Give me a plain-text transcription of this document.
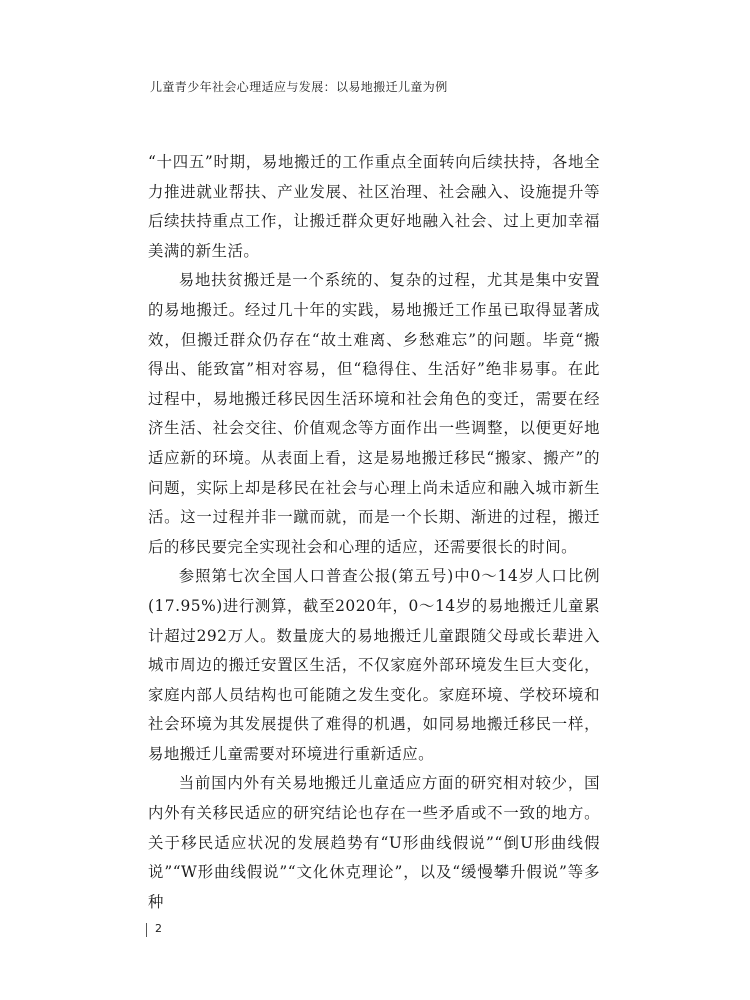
儿童青少年社会心理适应与发展：以易地搬迁儿童为例

“十四五”时期，易地搬迁的工作重点全面转向后续扶持，各地全力推进就业帮扶、产业发展、社区治理、社会融入、设施提升等后续扶持重点工作，让搬迁群众更好地融入社会、过上更加幸福美满的新生活。

易地扶贫搬迁是一个系统的、复杂的过程，尤其是集中安置的易地搬迁。经过几十年的实践，易地搬迁工作虽已取得显著成效，但搬迁群众仍存在“故土难离、乡愁难忘”的问题。毕竟“搬得出、能致富”相对容易，但“稳得住、生活好”绝非易事。在此过程中，易地搬迁移民因生活环境和社会角色的变迁，需要在经济生活、社会交往、价值观念等方面作出一些调整，以便更好地适应新的环境。从表面上看，这是易地搬迁移民“搬家、搬产”的问题，实际上却是移民在社会与心理上尚未适应和融入城市新生活。这一过程并非一蹴而就，而是一个长期、渐进的过程，搬迁后的移民要完全实现社会和心理的适应，还需要很长的时间。

参照第七次全国人口普查公报(第五号)中0～14岁人口比例(17.95%)进行测算，截至2020年，0～14岁的易地搬迁儿童累计超过292万人。数量庞大的易地搬迁儿童跟随父母或长辈进入城市周边的搬迁安置区生活，不仅家庭外部环境发生巨大变化，家庭内部人员结构也可能随之发生变化。家庭环境、学校环境和社会环境为其发展提供了难得的机遇，如同易地搬迁移民一样，易地搬迁儿童需要对环境进行重新适应。

当前国内外有关易地搬迁儿童适应方面的研究相对较少，国内外有关移民适应的研究结论也存在一些矛盾或不一致的地方。关于移民适应状况的发展趋势有“U形曲线假说”“倒U形曲线假说”“W形曲线假说”“文化休克理论”，以及“缓慢攀升假说”等多种

2
